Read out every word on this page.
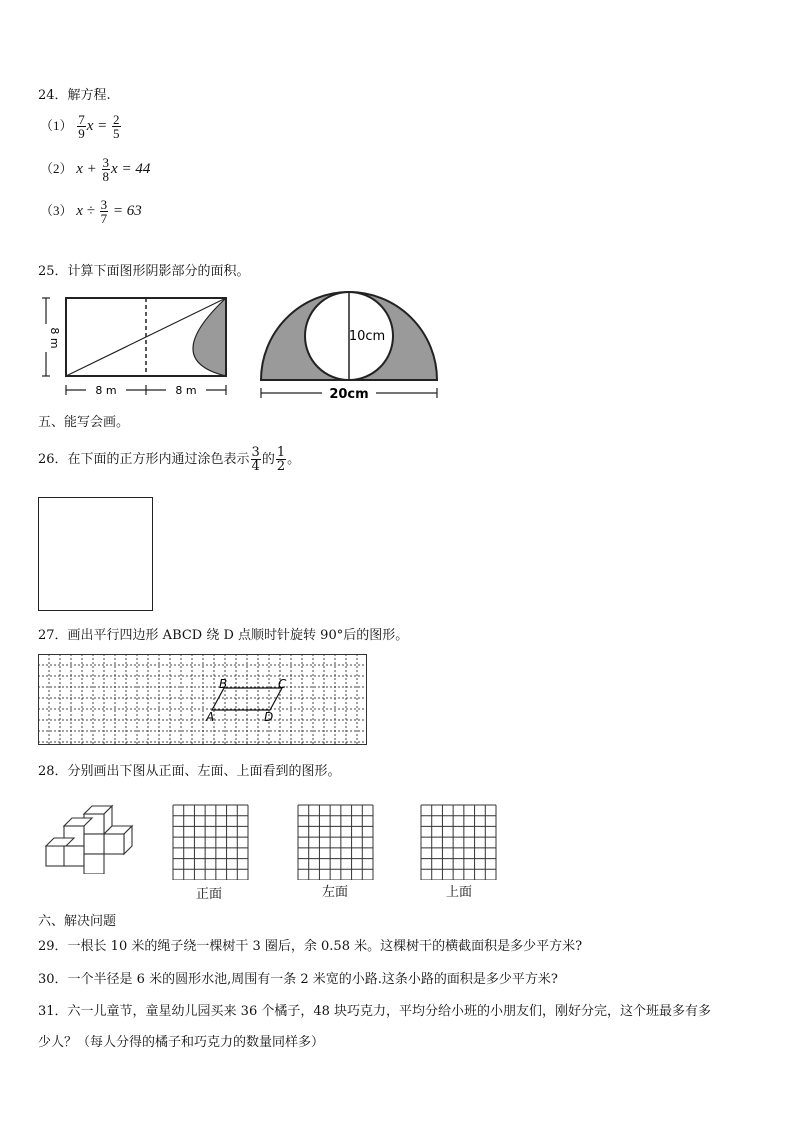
24．解方程.
$(1) \frac{7}{9}$ $x = \frac{2}{5}$
（2） $x + \frac{3}{8}$ x = 44
（3） $x \div \frac{3}{7} = 63$
25．计算下面图形阴影部分的面积。
8 m
8 m	8 m
10cm
20cm
五、能写会画。
26．在下面的正方形内通过涂色表示 $\frac{3}{4}$ 的 $\frac{1}{2}$ 。
27．画出平行四边形 ABCD 绕 D 点顺时针旋转 90°后的图形。
B	C
A	D
28．分别画出下图从正面、左面、上面看到的图形。
正面	左面	上面
六、解决问题
29．一根长 10 米的绳子绕一棵树干 3 圈后，余 0.58 米。这棵树干的横截面积是多少平方米?
30．一个半径是 6 米的圆形水池,周围有一条 2 米宽的小路.这条小路的面积是多少平方米?
31．六一儿童节，童星幼儿园买来 36 个橘子，48 块巧克力，平均分给小班的小朋友们，刚好分完，这个班最多有多
少人？（每人分得的橘子和巧克力的数量同样多）
